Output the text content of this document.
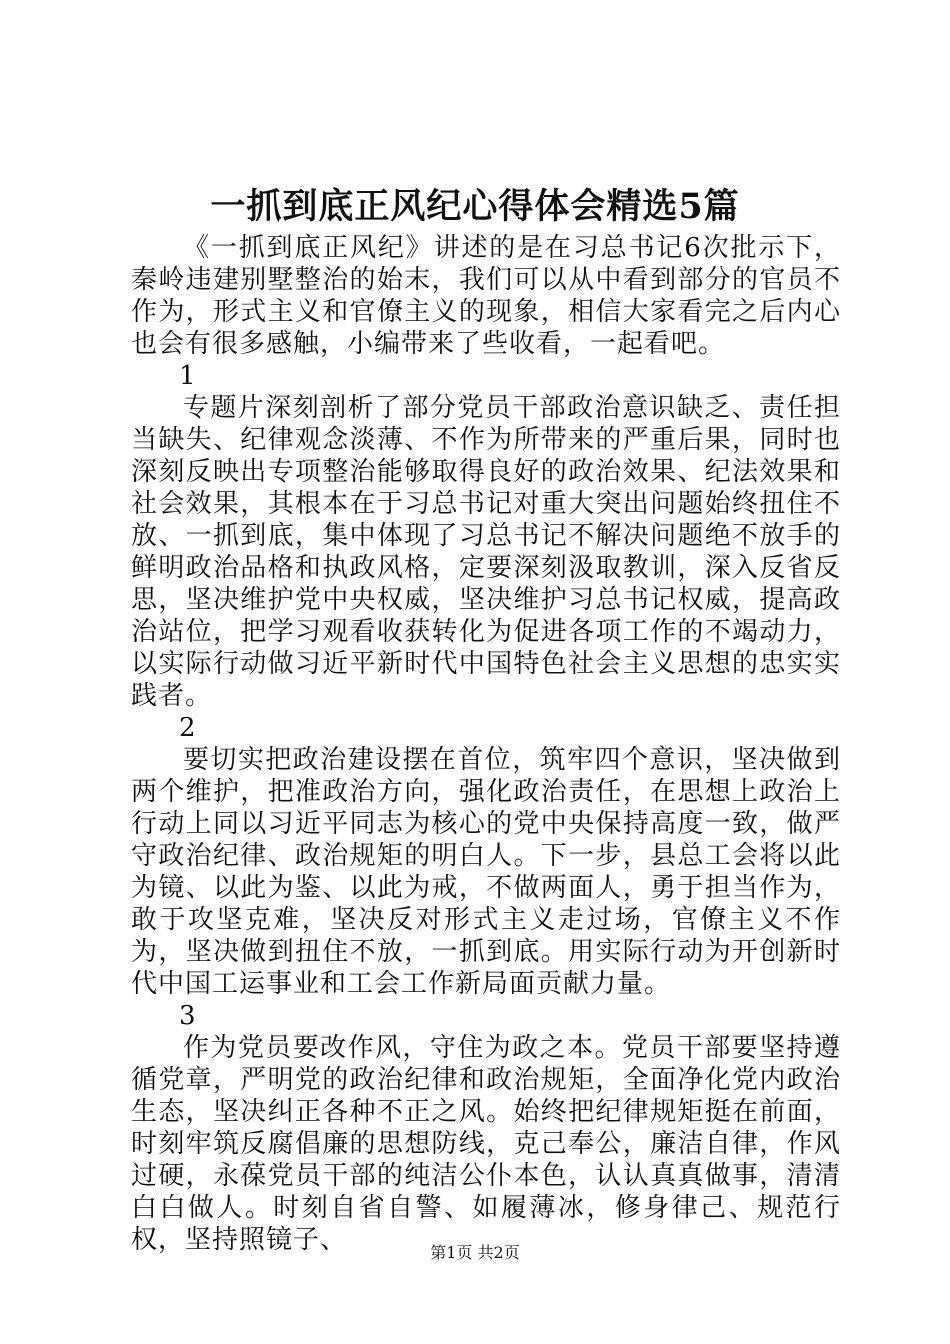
一抓到底正风纪心得体会精选5篇

《一抓到底正风纪》讲述的是在习总书记6次批示下，秦岭违建别墅整治的始末，我们可以从中看到部分的官员不作为，形式主义和官僚主义的现象，相信大家看完之后内心也会有很多感触，小编带来了些收看，一起看吧。

1

专题片深刻剖析了部分党员干部政治意识缺乏、责任担当缺失、纪律观念淡薄、不作为所带来的严重后果，同时也深刻反映出专项整治能够取得良好的政治效果、纪法效果和社会效果，其根本在于习总书记对重大突出问题始终扭住不放、一抓到底，集中体现了习总书记不解决问题绝不放手的鲜明政治品格和执政风格，定要深刻汲取教训，深入反省反思，坚决维护党中央权威，坚决维护习总书记权威，提高政治站位，把学习观看收获转化为促进各项工作的不竭动力，以实际行动做习近平新时代中国特色社会主义思想的忠实实践者。

2

要切实把政治建设摆在首位，筑牢四个意识，坚决做到两个维护，把准政治方向，强化政治责任，在思想上政治上行动上同以习近平同志为核心的党中央保持高度一致，做严守政治纪律、政治规矩的明白人。下一步，县总工会将以此为镜、以此为鉴、以此为戒，不做两面人，勇于担当作为，敢于攻坚克难，坚决反对形式主义走过场，官僚主义不作为，坚决做到扭住不放，一抓到底。用实际行动为开创新时代中国工运事业和工会工作新局面贡献力量。

3

作为党员要改作风，守住为政之本。党员干部要坚持遵循党章，严明党的政治纪律和政治规矩，全面净化党内政治生态，坚决纠正各种不正之风。始终把纪律规矩挺在前面，时刻牢筑反腐倡廉的思想防线，克己奉公，廉洁自律，作风过硬，永葆党员干部的纯洁公仆本色，认认真真做事，清清白白做人。时刻自省自警、如履薄冰，修身律己、规范行权，坚持照镜子、	第1页 共2页
